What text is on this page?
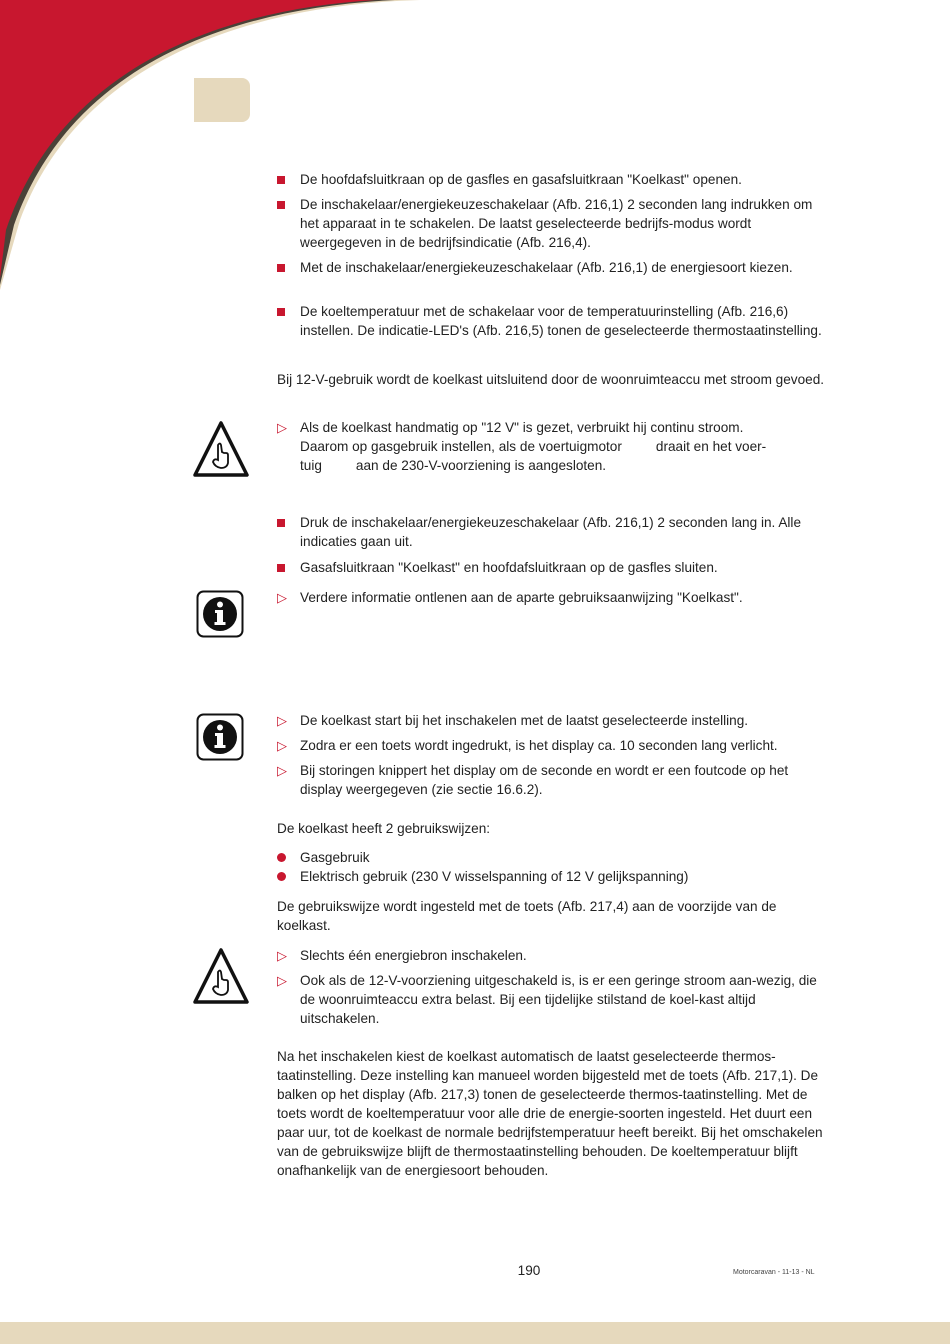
De hoofdafsluitkraan op de gasfles en gasafsluitkraan "Koelkast" openen.
De inschakelaar/energiekeuzeschakelaar (Afb. 216,1) 2 seconden lang indrukken om het apparaat in te schakelen. De laatst geselecteerde bedrijfs-modus wordt weergegeven in de bedrijfsindicatie (Afb. 216,4).
Met de inschakelaar/energiekeuzeschakelaar (Afb. 216,1) de energiesoort kiezen.
De koeltemperatuur met de schakelaar voor de temperatuurinstelling (Afb. 216,6) instellen. De indicatie-LED's (Afb. 216,5) tonen de geselecteerde thermostaatinstelling.
Bij 12-V-gebruik wordt de koelkast uitsluitend door de woonruimteaccu met stroom gevoed.
▷ Als de koelkast handmatig op "12 V" is gezet, verbruikt hij continu stroom.
Daarom op gasgebruik instellen, als de voertuigmotor	draait en het voer-
tuig	aan de 230-V-voorziening is aangesloten.
Druk de inschakelaar/energiekeuzeschakelaar (Afb. 216,1) 2 seconden lang in. Alle indicaties gaan uit.
Gasafsluitkraan "Koelkast" en hoofdafsluitkraan op de gasfles sluiten.
▷ Verdere informatie ontlenen aan de aparte gebruiksaanwijzing "Koelkast".
▷ De koelkast start bij het inschakelen met de laatst geselecteerde instelling.
▷ Zodra er een toets wordt ingedrukt, is het display ca. 10 seconden lang verlicht.
▷ Bij storingen knippert het display om de seconde en wordt er een foutcode op het display weergegeven (zie sectie 16.6.2).
De koelkast heeft 2 gebruikswijzen:
Gasgebruik
Elektrisch gebruik (230 V wisselspanning of 12 V gelijkspanning)
De gebruikswijze wordt ingesteld met de toets (Afb. 217,4) aan de voorzijde van de koelkast.
▷ Slechts één energiebron inschakelen.
▷ Ook als de 12-V-voorziening uitgeschakeld is, is er een geringe stroom aan-wezig, die de woonruimteaccu extra belast. Bij een tijdelijke stilstand de koel-kast altijd uitschakelen.
Na het inschakelen kiest de koelkast automatisch de laatst geselecteerde thermos-taatinstelling. Deze instelling kan manueel worden bijgesteld met de toets (Afb. 217,1). De balken op het display (Afb. 217,3) tonen de geselecteerde thermos-taatinstelling. Met de toets wordt de koeltemperatuur voor alle drie de energie-soorten ingesteld. Het duurt een paar uur, tot de koelkast de normale bedrijfstemperatuur heeft bereikt. Bij het omschakelen van de gebruikswijze blijft de thermostaatinstelling behouden. De koeltemperatuur blijft onafhankelijk van de energiesoort behouden.
190	Motorcaravan - 11-13 - NL
